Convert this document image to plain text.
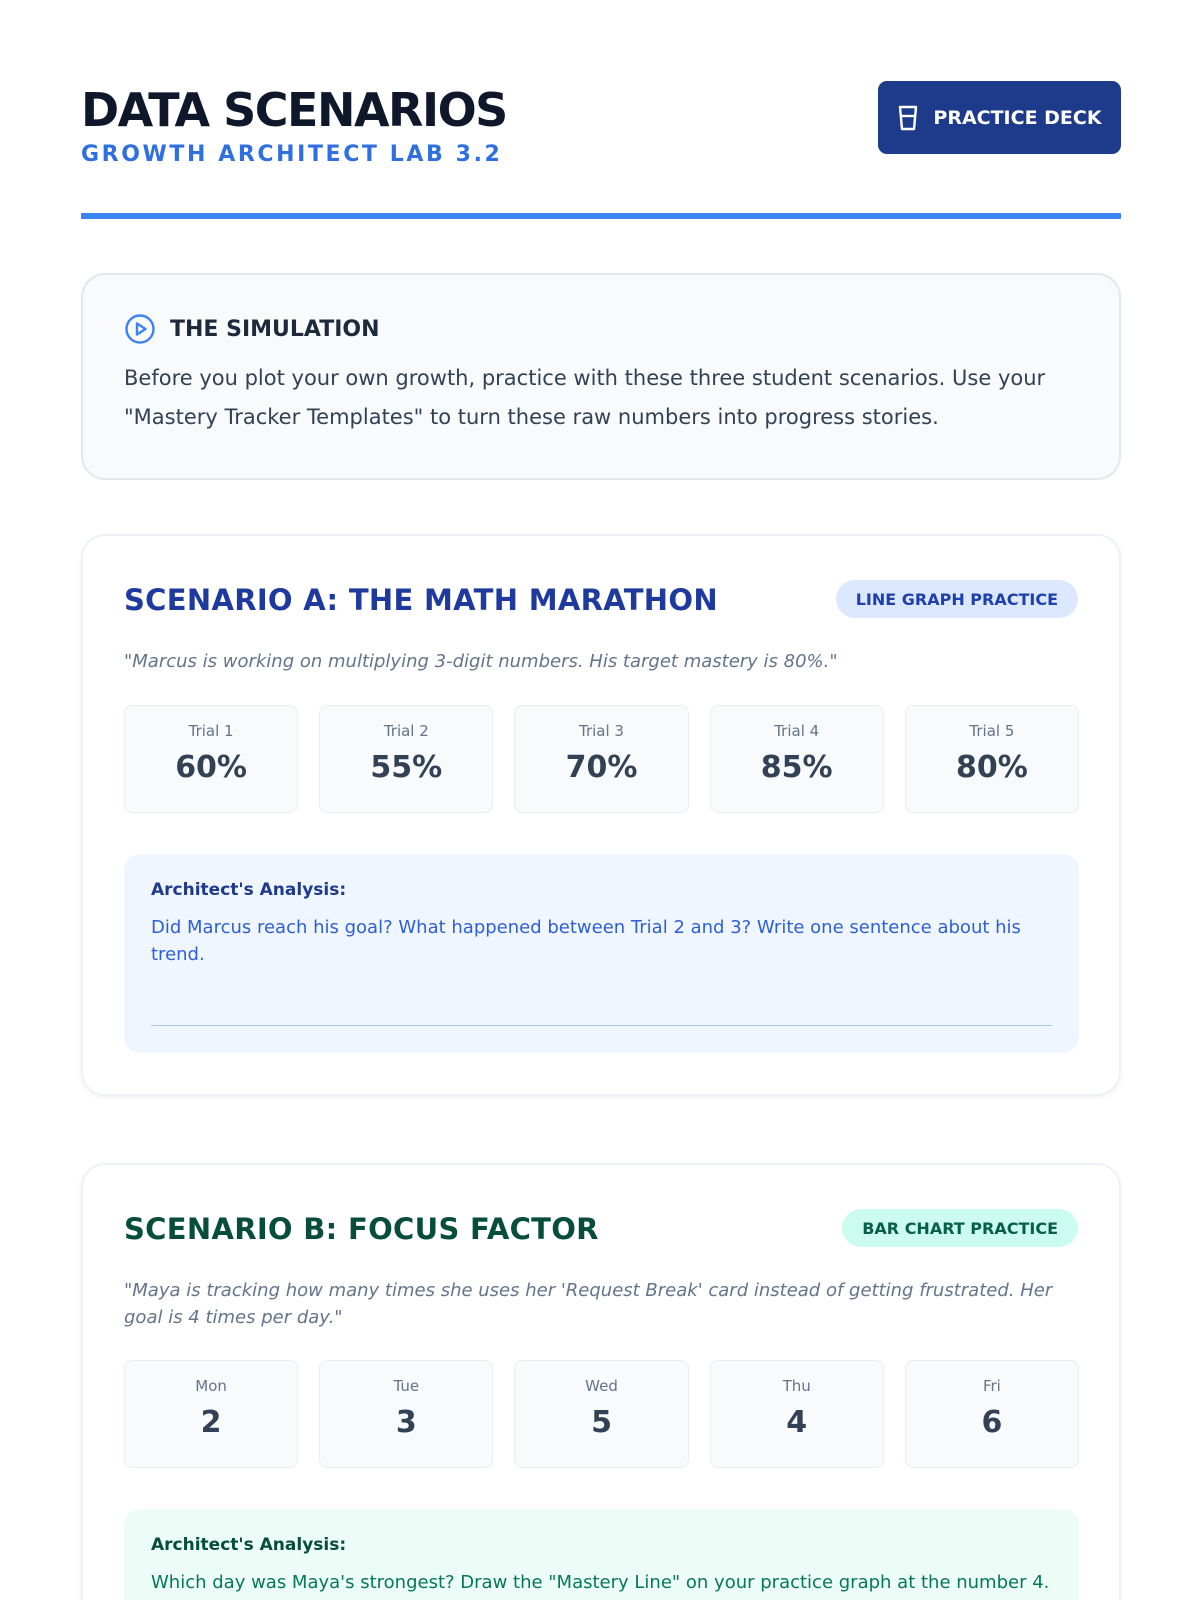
DATA SCENARIOS
GROWTH ARCHITECT LAB 3.2
PRACTICE DECK
THE SIMULATION

Before you plot your own growth, practice with these three student scenarios. Use your "Mastery Tracker Templates" to turn these raw numbers into progress stories.

SCENARIO A: THE MATH MARATHON	LINE GRAPH PRACTICE

"Marcus is working on multiplying 3-digit numbers. His target mastery is 80%."

Trial 1
60%
Trial 2
55%
Trial 3
70%
Trial 4
85%
Trial 5
80%
Architect's Analysis:

Did Marcus reach his goal? What happened between Trial 2 and 3? Write one sentence about his trend.

SCENARIO B: FOCUS FACTOR	BAR CHART PRACTICE

"Maya is tracking how many times she uses her 'Request Break' card instead of getting frustrated. Her goal is 4 times per day."

Mon
2
Tue
3
Wed
5
Thu
4
Fri
6
Architect's Analysis:

Which day was Maya's strongest? Draw the "Mastery Line" on your practice graph at the number 4.
